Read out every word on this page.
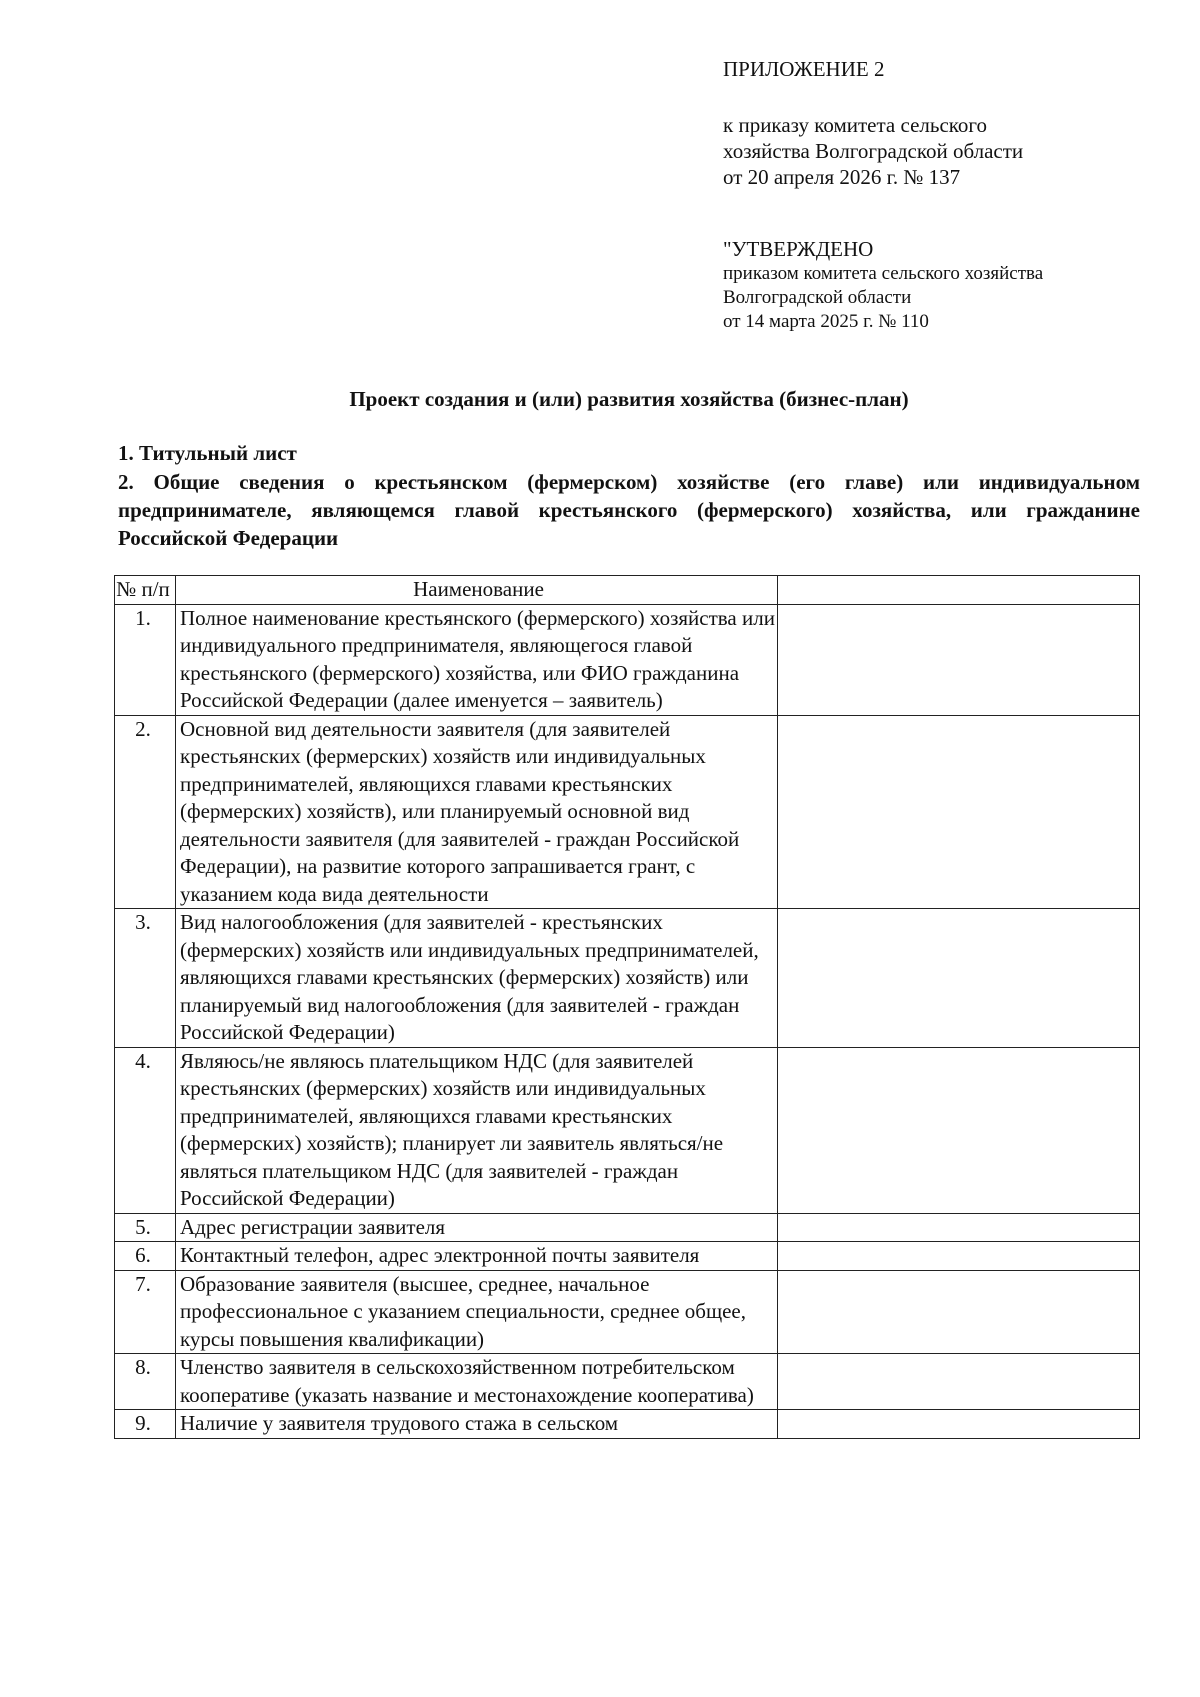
ПРИЛОЖЕНИЕ 2
к приказу комитета сельского
хозяйства Волгоградской области
от 20 апреля 2026 г. № 137
"УТВЕРЖДЕНО
приказом комитета сельского хозяйства
Волгоградской области
от 14 марта 2025 г. № 110
Проект создания и (или) развития хозяйства (бизнес-план)
1. Титульный лист
2. Общие сведения о крестьянском (фермерском) хозяйстве (его главе) или индивидуальном предпринимателе, являющемся главой крестьянского (фермерского) хозяйства, или гражданине Российской Федерации
№ п/п	Наименование	
1.	Полное наименование крестьянского (фермерского) хозяйства или индивидуального предпринимателя, являющегося главой крестьянского (фермерского) хозяйства, или ФИО гражданина Российской Федерации (далее именуется – заявитель)	
2.	Основной вид деятельности заявителя (для заявителей крестьянских (фермерских) хозяйств или индивидуальных предпринимателей, являющихся главами крестьянских (фермерских) хозяйств), или планируемый основной вид деятельности заявителя (для заявителей - граждан Российской Федерации), на развитие которого запрашивается грант, с указанием кода вида деятельности	
3.	Вид налогообложения (для заявителей - крестьянских (фермерских) хозяйств или индивидуальных предпринимателей, являющихся главами крестьянских (фермерских) хозяйств) или планируемый вид налогообложения (для заявителей - граждан Российской Федерации)	
4.	Являюсь/не являюсь плательщиком НДС (для заявителей крестьянских (фермерских) хозяйств или индивидуальных предпринимателей, являющихся главами крестьянских (фермерских) хозяйств); планирует ли заявитель являться/не являться плательщиком НДС (для заявителей - граждан Российской Федерации)	
5.	Адрес регистрации заявителя	
6.	Контактный телефон, адрес электронной почты заявителя	
7.	Образование заявителя (высшее, среднее, начальное профессиональное с указанием специальности, среднее общее, курсы повышения квалификации)	
8.	Членство заявителя в сельскохозяйственном потребительском кооперативе (указать название и местонахождение кооператива)	
9.	Наличие у заявителя трудового стажа в сельском	
